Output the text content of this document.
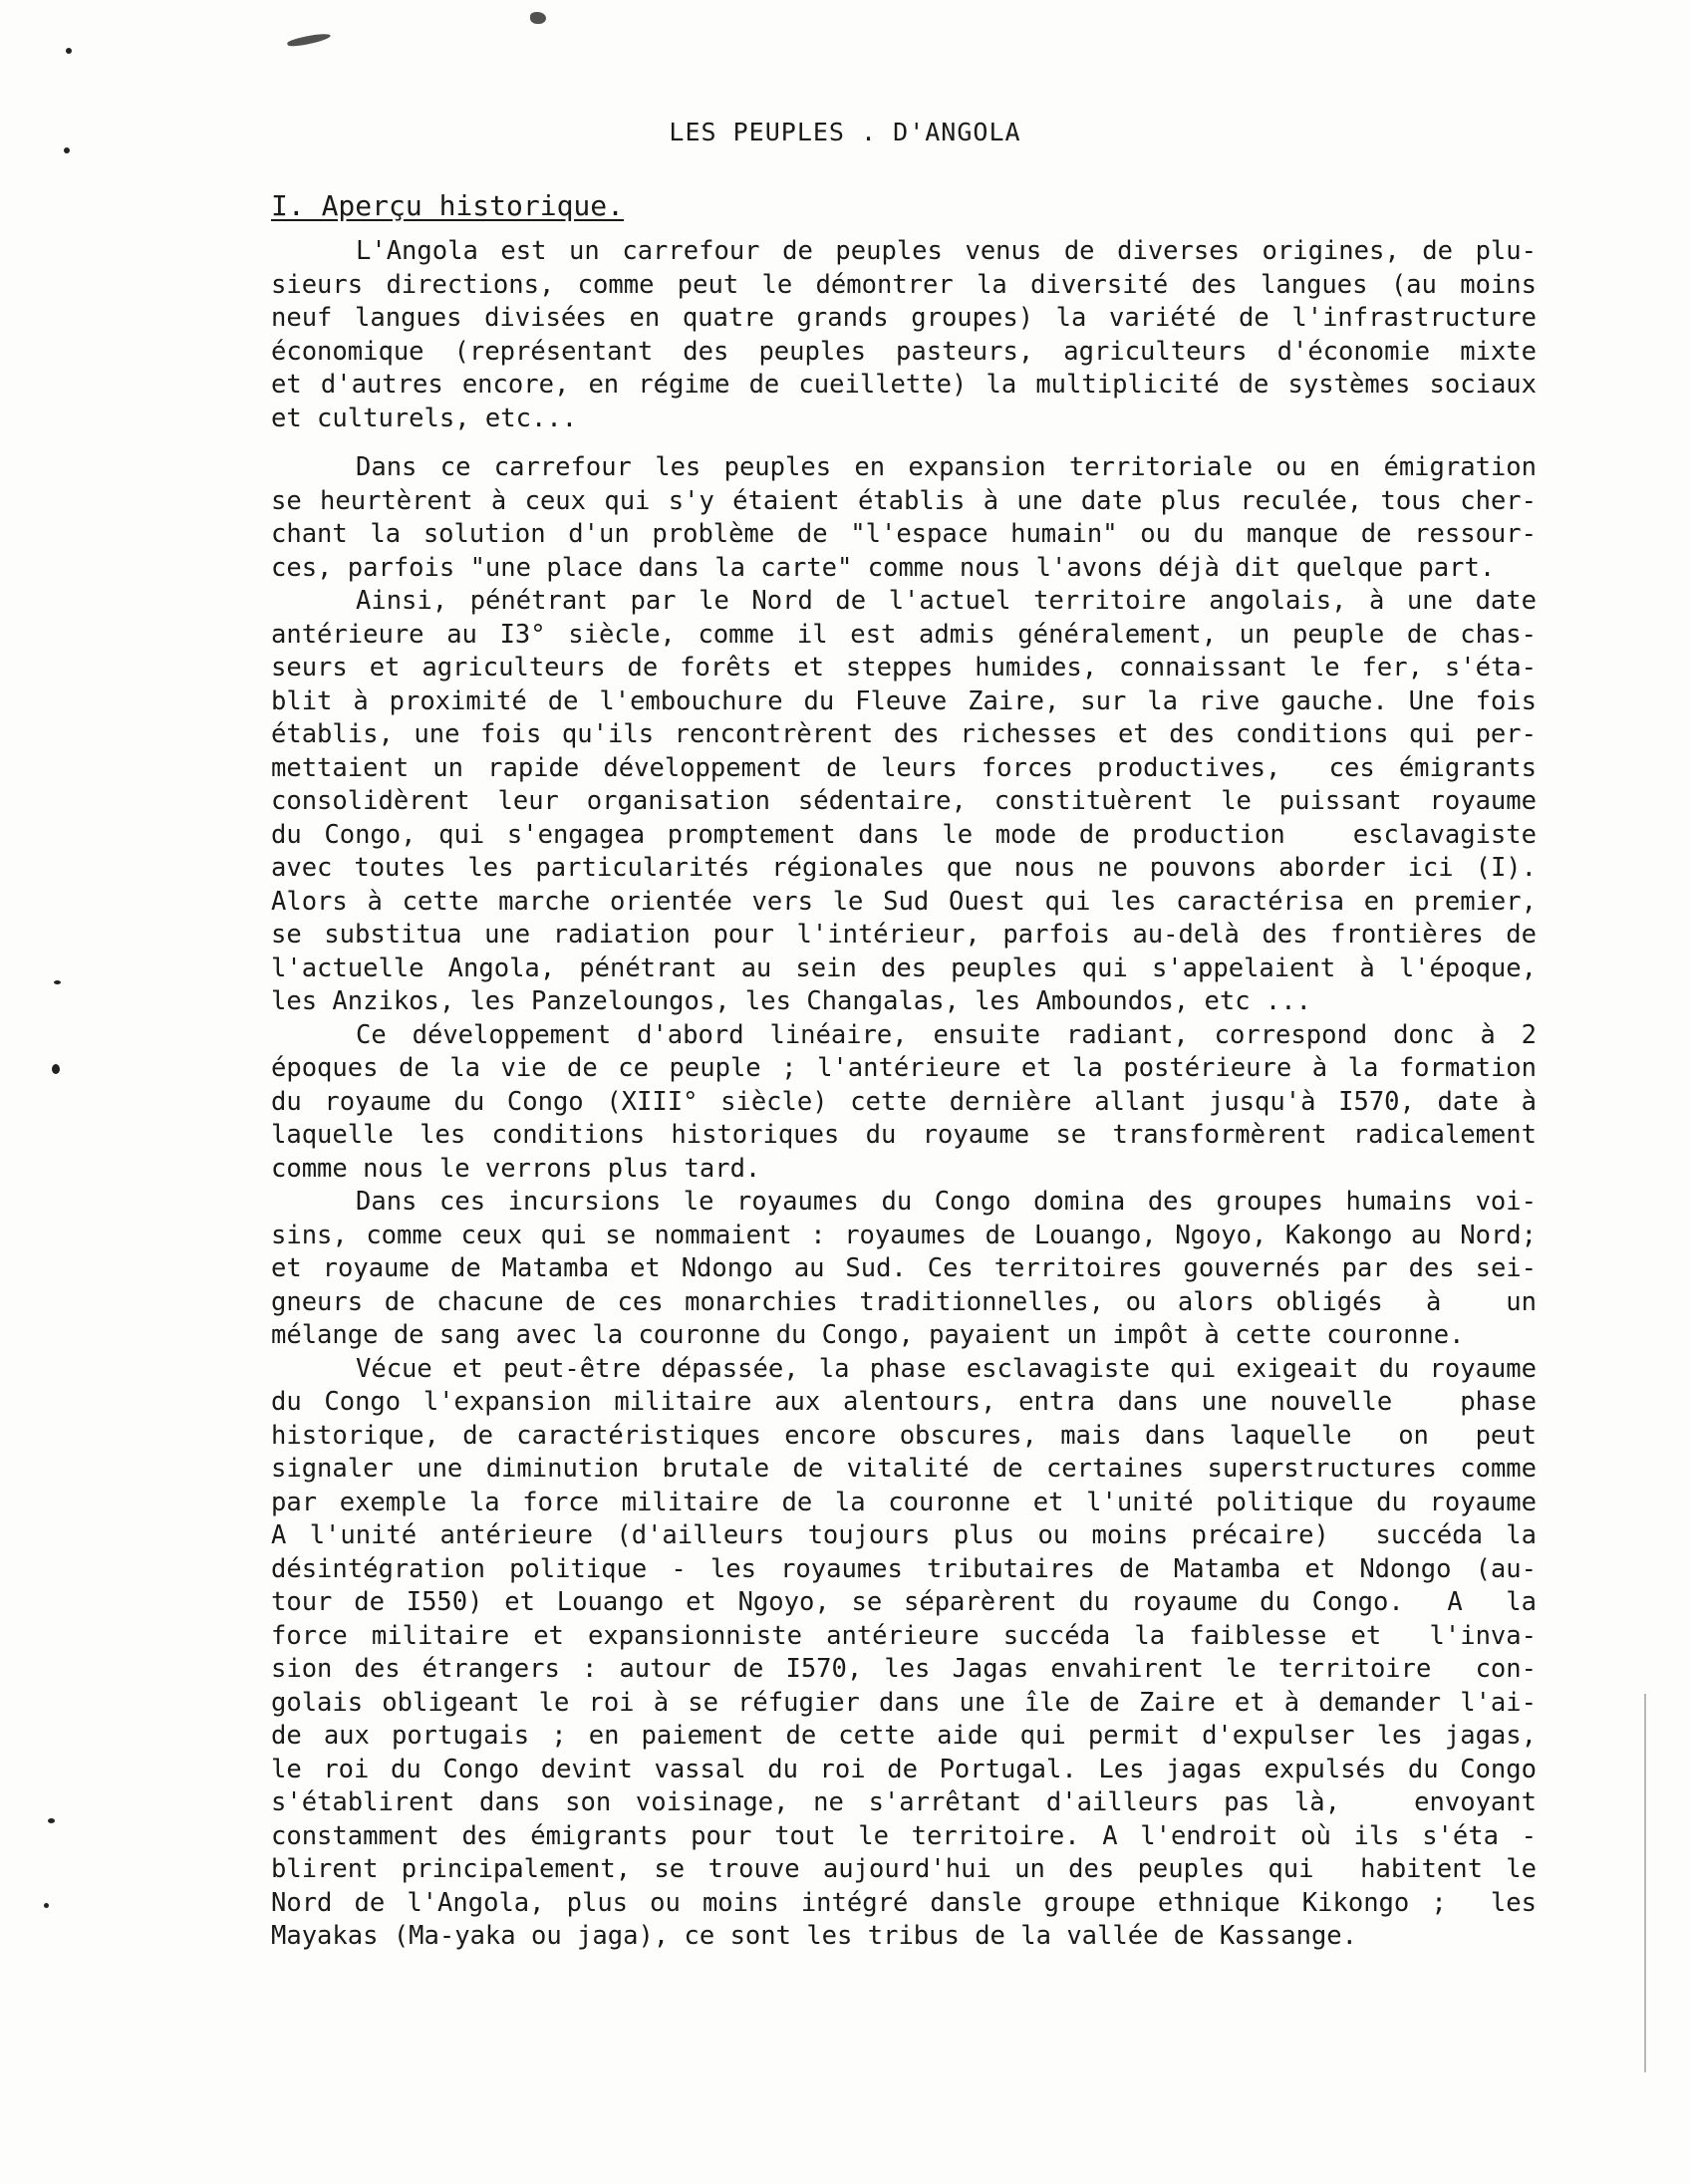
LES PEUPLES . D'ANGOLA
I. Aperçu historique.
L'Angola est un carrefour de peuples venus de diverses origines, de plu-
sieurs directions, comme peut le démontrer la diversité des langues (au moins
neuf langues divisées en quatre grands groupes) la variété de l'infrastructure
économique (représentant des peuples pasteurs, agriculteurs d'économie mixte
et d'autres encore, en régime de cueillette) la multiplicité de systèmes sociaux
et culturels, etc...
Dans ce carrefour les peuples en expansion territoriale ou en émigration
se heurtèrent à ceux qui s'y étaient établis à une date plus reculée, tous cher-
chant la solution d'un problème de "l'espace humain" ou du manque de ressour-
ces, parfois "une place dans la carte" comme nous l'avons déjà dit quelque part.
Ainsi, pénétrant par le Nord de l'actuel territoire angolais, à une date
antérieure au I3° siècle, comme il est admis généralement, un peuple de chas-
seurs et agriculteurs de forêts et steppes humides, connaissant le fer, s'éta-
blit à proximité de l'embouchure du Fleuve Zaire, sur la rive gauche. Une fois
établis, une fois qu'ils rencontrèrent des richesses et des conditions qui per-
mettaient un rapide développement de leurs forces productives,  ces émigrants
consolidèrent leur organisation sédentaire, constituèrent le puissant royaume
du Congo, qui s'engagea promptement dans le mode de production   esclavagiste
avec toutes les particularités régionales que nous ne pouvons aborder ici (I).
Alors à cette marche orientée vers le Sud Ouest qui les caractérisa en premier,
se substitua une radiation pour l'intérieur, parfois au-delà des frontières de
l'actuelle Angola, pénétrant au sein des peuples qui s'appelaient à l'époque,
les Anzikos, les Panzeloungos, les Changalas, les Amboundos, etc ...
Ce développement d'abord linéaire, ensuite radiant, correspond donc à 2
époques de la vie de ce peuple ; l'antérieure et la postérieure à la formation
du royaume du Congo (XIII° siècle) cette dernière allant jusqu'à I570, date à
laquelle les conditions historiques du royaume se transformèrent radicalement
comme nous le verrons plus tard.
Dans ces incursions le royaumes du Congo domina des groupes humains voi-
sins, comme ceux qui se nommaient : royaumes de Louango, Ngoyo, Kakongo au Nord;
et royaume de Matamba et Ndongo au Sud. Ces territoires gouvernés par des sei-
gneurs de chacune de ces monarchies traditionnelles, ou alors obligés  à   un
mélange de sang avec la couronne du Congo, payaient un impôt à cette couronne.
Vécue et peut-être dépassée, la phase esclavagiste qui exigeait du royaume
du Congo l'expansion militaire aux alentours, entra dans une nouvelle   phase
historique, de caractéristiques encore obscures, mais dans laquelle  on  peut
signaler une diminution brutale de vitalité de certaines superstructures comme
par exemple la force militaire de la couronne et l'unité politique du royaume
A l'unité antérieure (d'ailleurs toujours plus ou moins précaire)  succéda la
désintégration politique - les royaumes tributaires de Matamba et Ndongo (au-
tour de I550) et Louango et Ngoyo, se séparèrent du royaume du Congo.  A  la
force militaire et expansionniste antérieure succéda la faiblesse et  l'inva-
sion des étrangers : autour de I570, les Jagas envahirent le territoire  con-
golais obligeant le roi à se réfugier dans une île de Zaire et à demander l'ai-
de aux portugais ; en paiement de cette aide qui permit d'expulser les jagas,
le roi du Congo devint vassal du roi de Portugal. Les jagas expulsés du Congo
s'établirent dans son voisinage, ne s'arrêtant d'ailleurs pas là,   envoyant
constamment des émigrants pour tout le territoire. A l'endroit où ils s'éta -
blirent principalement, se trouve aujourd'hui un des peuples qui  habitent le
Nord de l'Angola, plus ou moins intégré dansle groupe ethnique Kikongo ;  les
Mayakas (Ma-yaka ou jaga), ce sont les tribus de la vallée de Kassange.
